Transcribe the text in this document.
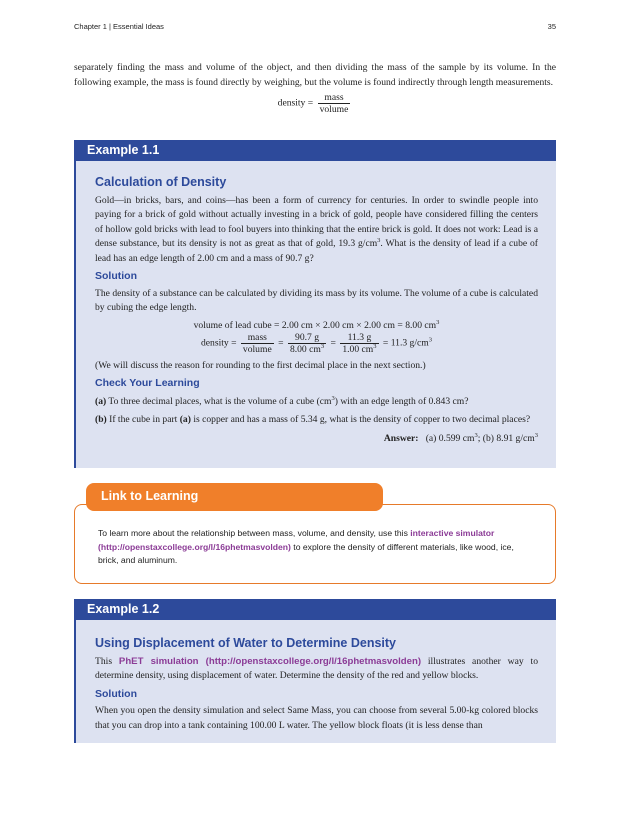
Chapter 1 | Essential Ideas	35
separately finding the mass and volume of the object, and then dividing the mass of the sample by its volume. In the following example, the mass is found directly by weighing, but the volume is found indirectly through length measurements.
density = $\frac{\text{mass}}{\text{volume}}$
Example 1.1
Calculation of Density
Gold—in bricks, bars, and coins—has been a form of currency for centuries. In order to swindle people into paying for a brick of gold without actually investing in a brick of gold, people have considered filling the centers of hollow gold bricks with lead to fool buyers into thinking that the entire brick is gold. It does not work: Lead is a dense substance, but its density is not as great as that of gold, 19.3 $g/cm^3$. What is the density of lead if a cube of lead has an edge length of 2.00 cm and a mass of 90.7 g?
Solution
The density of a substance can be calculated by dividing its mass by its volume. The volume of a cube is calculated by cubing the edge length.
volume of lead cube = 2.00 cm × 2.00 cm × 2.00 cm = 8.00 $cm^3$
density = $\frac{\text{mass}}{\text{volume}} = \frac{90.7 g}{8.00 cm^3} = \frac{11.3 g}{1.00 cm^3} = 11.3$ $g/cm^3$
(We will discuss the reason for rounding to the first decimal place in the next section.)
Check Your Learning
(a) To three decimal places, what is the volume of a cube $(cm^3)$ with an edge length of 0.843 cm?
(b) If the cube in part (a) is copper and has a mass of 5.34 g, what is the density of copper to two decimal places?
Answer: (a) 0.599 $cm^3$; (b) 8.91 $g/cm^3$
Link to Learning
To learn more about the relationship between mass, volume, and density, use this interactive simulator (http://openstaxcollege.org/l/16phetmasvolden) to explore the density of different materials, like wood, ice, brick, and aluminum.
Example 1.2
Using Displacement of Water to Determine Density
This PhET simulation (http://openstaxcollege.org/l/16phetmasvolden) illustrates another way to determine density, using displacement of water. Determine the density of the red and yellow blocks.
Solution
When you open the density simulation and select Same Mass, you can choose from several 5.00-kg colored blocks that you can drop into a tank containing 100.00 L water. The yellow block floats (it is less dense than
